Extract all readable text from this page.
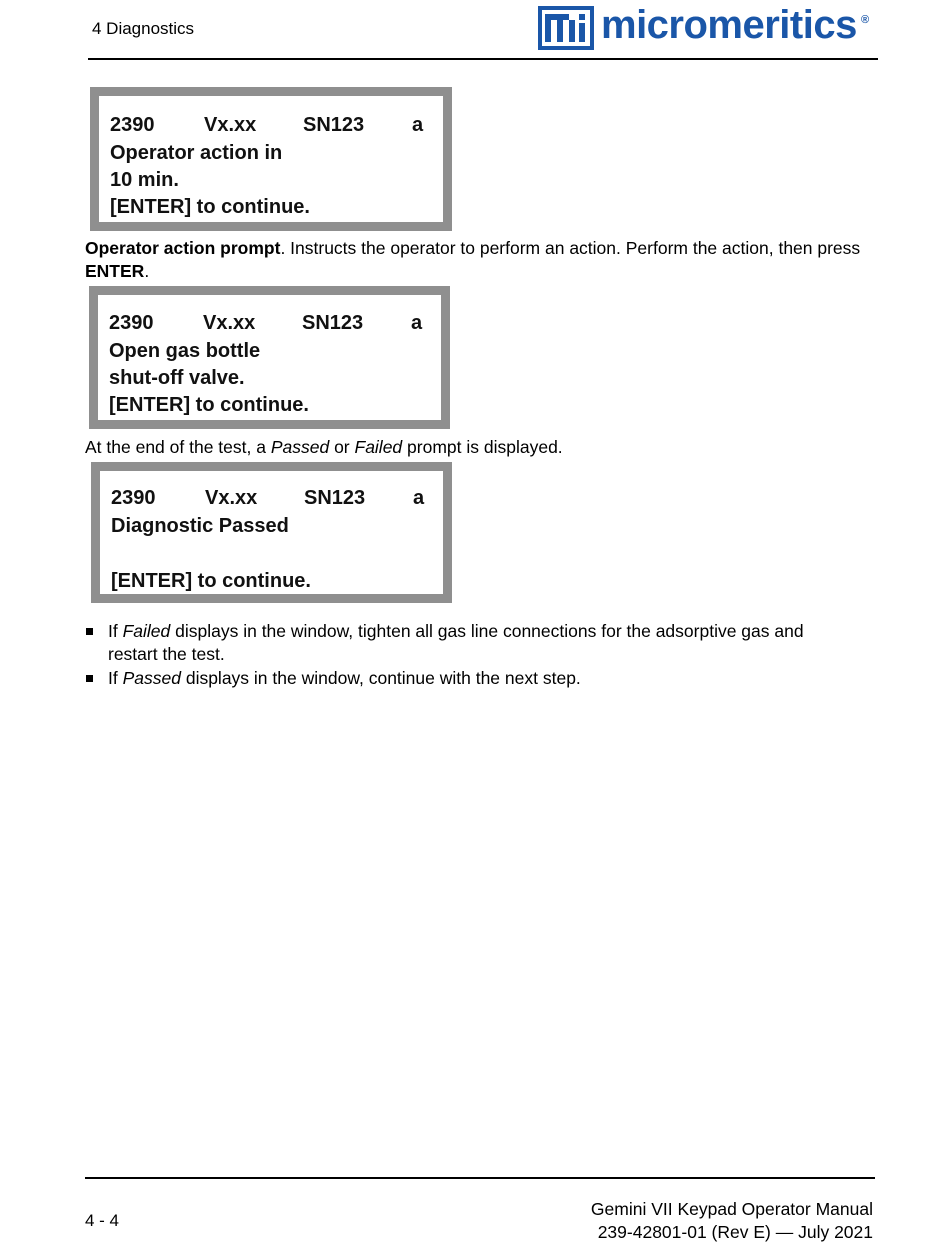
4 Diagnostics	micromeritics ®
2390 Vx.xx SN123 a
Operator action in
10 min.
[ENTER] to continue.
Operator action prompt. Instructs the operator to perform an action. Perform the action, then press ENTER.
2390 Vx.xx SN123 a
Open gas bottle
shut-off valve.
[ENTER] to continue.
At the end of the test, a Passed or Failed prompt is displayed.
2390 Vx.xx SN123 a
Diagnostic Passed
[ENTER] to continue.
If Failed displays in the window, tighten all gas line connections for the adsorptive gas and restart the test.
If Passed displays in the window, continue with the next step.
4 - 4
Gemini VII Keypad Operator Manual
239-42801-01 (Rev E) — July 2021
